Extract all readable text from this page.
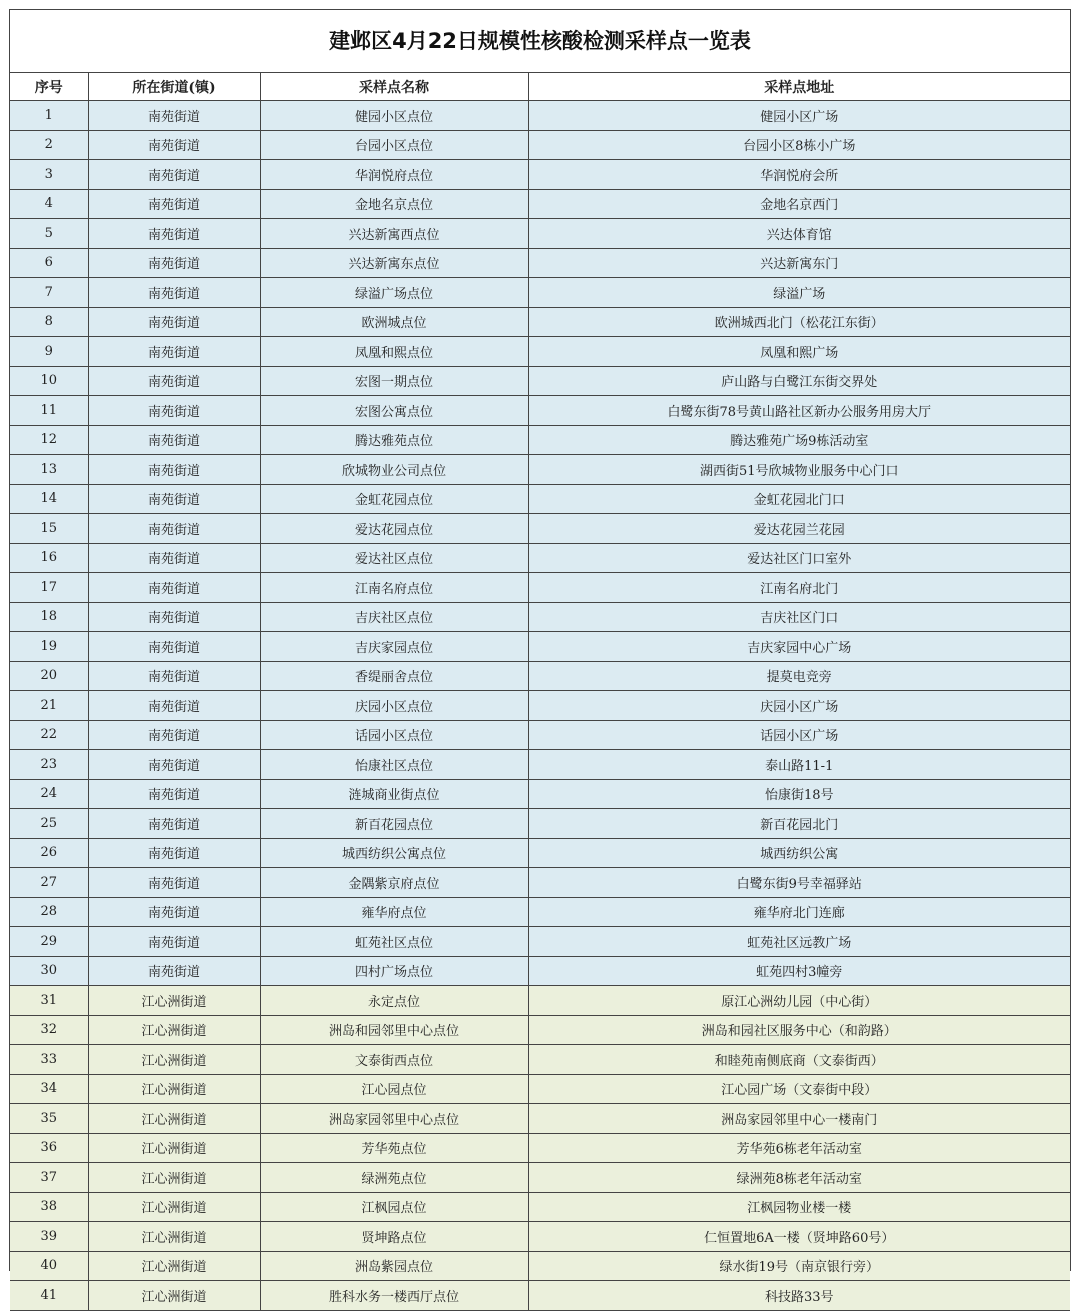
建邺区4月22日规模性核酸检测采样点一览表
序号	所在街道(镇)	采样点名称	采样点地址
1	南苑街道	健园小区点位	健园小区广场
2	南苑街道	台园小区点位	台园小区8栋小广场
3	南苑街道	华润悦府点位	华润悦府会所
4	南苑街道	金地名京点位	金地名京西门
5	南苑街道	兴达新寓西点位	兴达体育馆
6	南苑街道	兴达新寓东点位	兴达新寓东门
7	南苑街道	绿溢广场点位	绿溢广场
8	南苑街道	欧洲城点位	欧洲城西北门（松花江东街）
9	南苑街道	凤凰和熙点位	凤凰和熙广场
10	南苑街道	宏图一期点位	庐山路与白鹭江东街交界处
11	南苑街道	宏图公寓点位	白鹭东街78号黄山路社区新办公服务用房大厅
12	南苑街道	腾达雅苑点位	腾达雅苑广场9栋活动室
13	南苑街道	欣城物业公司点位	湖西街51号欣城物业服务中心门口
14	南苑街道	金虹花园点位	金虹花园北门口
15	南苑街道	爱达花园点位	爱达花园兰花园
16	南苑街道	爱达社区点位	爱达社区门口室外
17	南苑街道	江南名府点位	江南名府北门
18	南苑街道	吉庆社区点位	吉庆社区门口
19	南苑街道	吉庆家园点位	吉庆家园中心广场
20	南苑街道	香缇丽舍点位	提莫电竞旁
21	南苑街道	庆园小区点位	庆园小区广场
22	南苑街道	话园小区点位	话园小区广场
23	南苑街道	怡康社区点位	泰山路11-1
24	南苑街道	涟城商业街点位	怡康街18号
25	南苑街道	新百花园点位	新百花园北门
26	南苑街道	城西纺织公寓点位	城西纺织公寓
27	南苑街道	金隅紫京府点位	白鹭东街9号幸福驿站
28	南苑街道	雍华府点位	雍华府北门连廊
29	南苑街道	虹苑社区点位	虹苑社区远教广场
30	南苑街道	四村广场点位	虹苑四村3幢旁
31	江心洲街道	永定点位	原江心洲幼儿园（中心街）
32	江心洲街道	洲岛和园邻里中心点位	洲岛和园社区服务中心（和韵路）
33	江心洲街道	文泰街西点位	和睦苑南侧底商（文泰街西）
34	江心洲街道	江心园点位	江心园广场（文泰街中段）
35	江心洲街道	洲岛家园邻里中心点位	洲岛家园邻里中心一楼南门
36	江心洲街道	芳华苑点位	芳华苑6栋老年活动室
37	江心洲街道	绿洲苑点位	绿洲苑8栋老年活动室
38	江心洲街道	江枫园点位	江枫园物业楼一楼
39	江心洲街道	贤坤路点位	仁恒置地6A一楼（贤坤路60号）
40	江心洲街道	洲岛紫园点位	绿水街19号（南京银行旁）
41	江心洲街道	胜科水务一楼西厅点位	科技路33号
